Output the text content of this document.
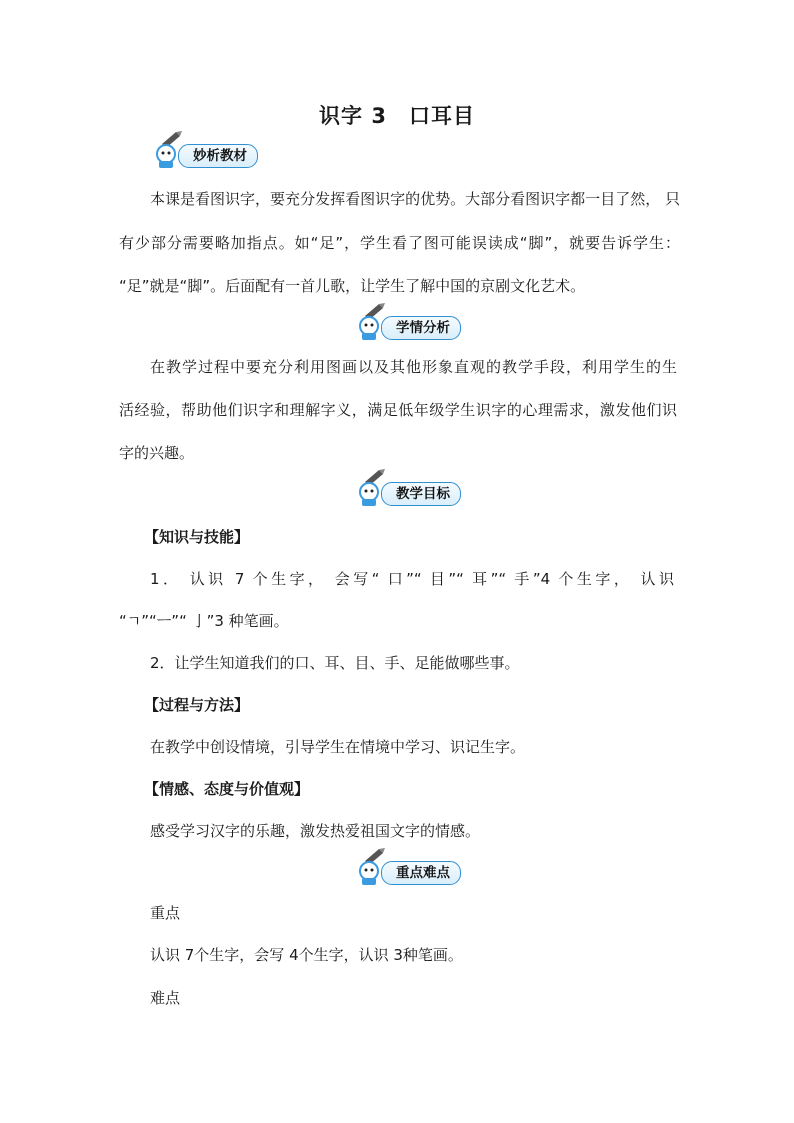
识字 3　口耳目
妙析教材
本课是看图识字，要充分发挥看图识字的优势。大部分看图识字都一目了然， 只
有少部分需要略加指点。如“足”，学生看了图可能误读成“脚”，就要告诉学生：
“足”就是“脚”。后面配有一首儿歌，让学生了解中国的京剧文化艺术。
学情分析
在教学过程中要充分利用图画以及其他形象直观的教学手段，利用学生的生
活经验，帮助他们识字和理解字义，满足低年级学生识字的心理需求，激发他们识
字的兴趣。
教学目标
【知识与技能】
1． 认识 7 个生字， 会写“ 口”“ 目”“ 耳”“ 手”4 个生字， 认识
“ㄱ”“ㅡ”“ 亅”3 种笔画。
2．让学生知道我们的口、耳、目、手、足能做哪些事。
【过程与方法】
在教学中创设情境，引导学生在情境中学习、识记生字。
【情感、态度与价值观】
感受学习汉字的乐趣，激发热爱祖国文字的情感。
重点难点
重点
认识 7个生字，会写 4个生字，认识 3种笔画。
难点
